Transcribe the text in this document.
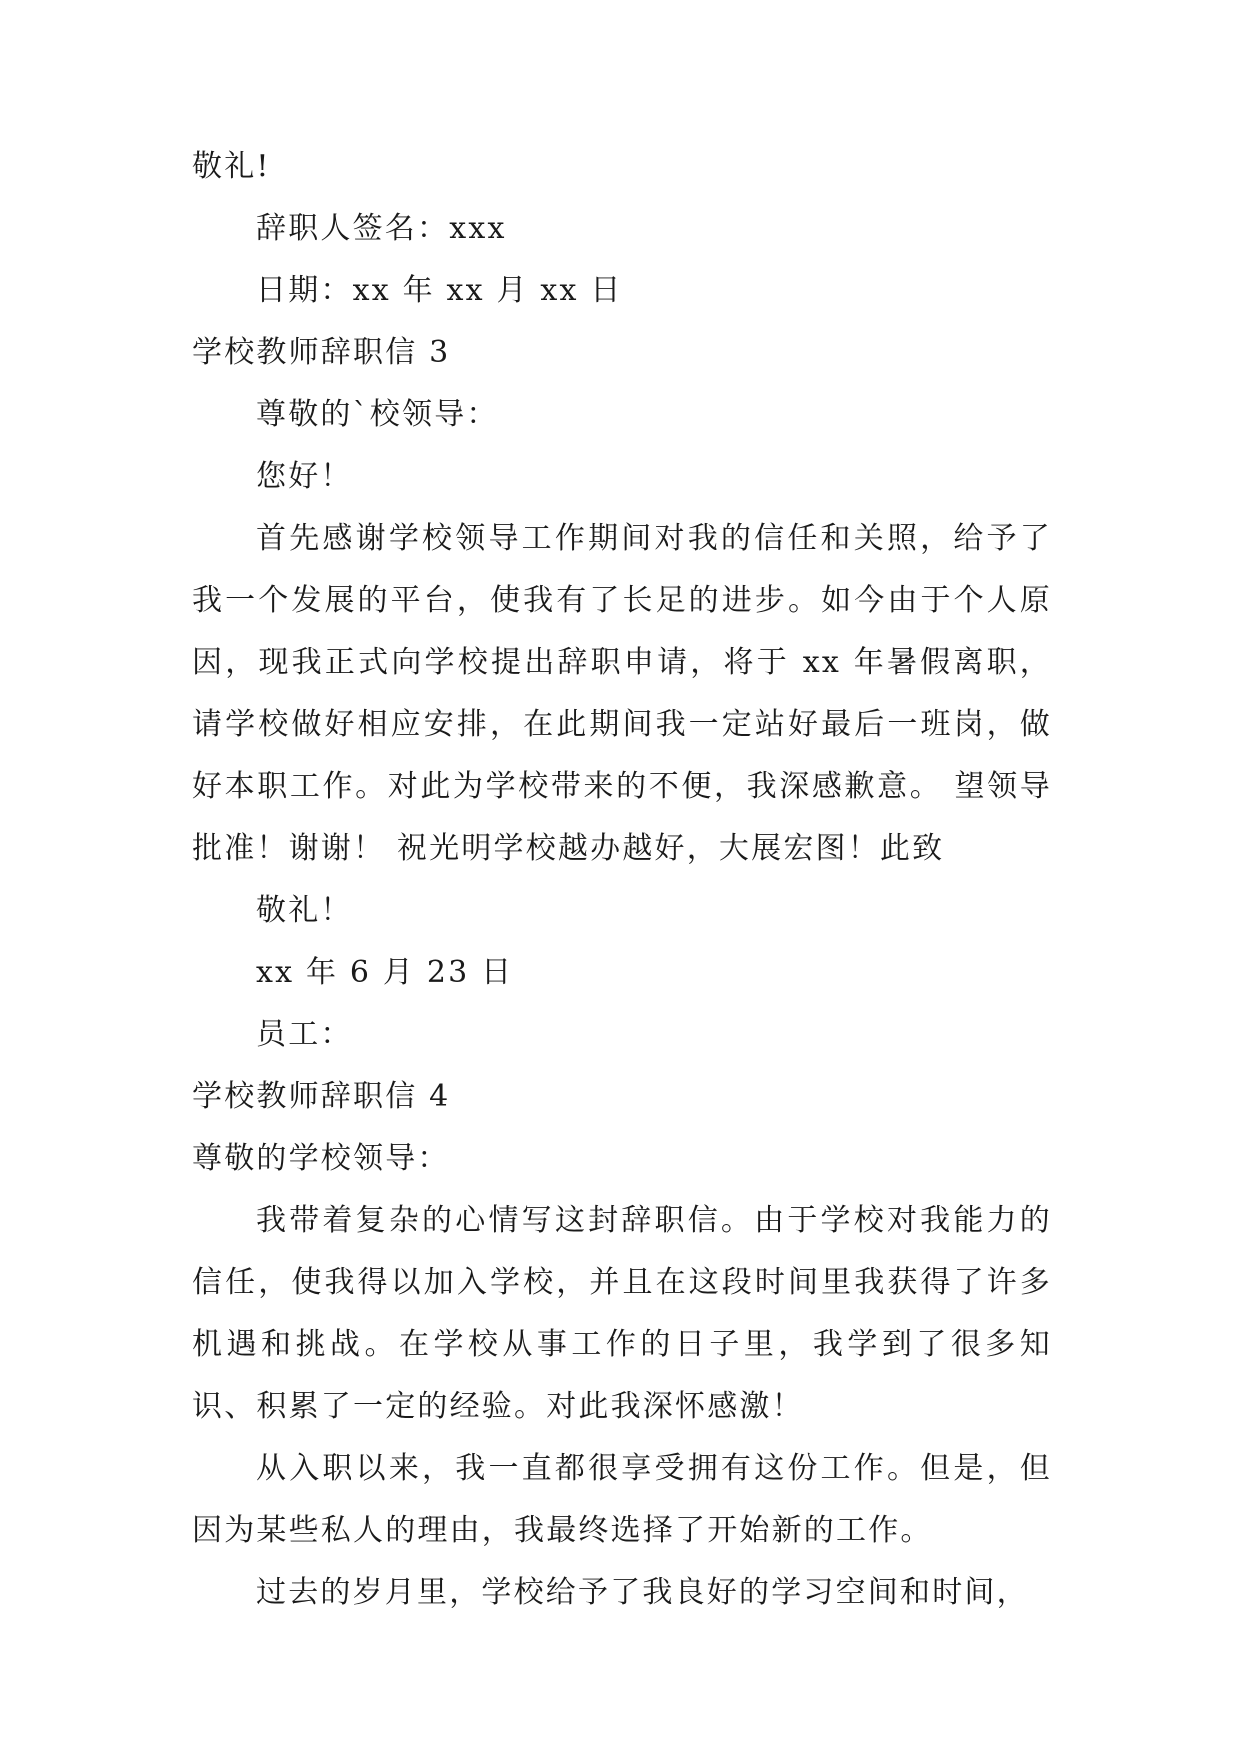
敬礼!
辞职人签名：xxx
日期：xx 年 xx 月 xx 日
学校教师辞职信 3
尊敬的`校领导：
您好！
首先感谢学校领导工作期间对我的信任和关照，给予了我一个发展的平台，使我有了长足的进步。如今由于个人原因，现我正式向学校提出辞职申请，将于 xx 年暑假离职，请学校做好相应安排，在此期间我一定站好最后一班岗，做好本职工作。对此为学校带来的不便，我深感歉意。 望领导批准！谢谢！ 祝光明学校越办越好，大展宏图！此致
敬礼！
xx 年 6 月 23 日
员工：
学校教师辞职信 4
尊敬的学校领导：
我带着复杂的心情写这封辞职信。由于学校对我能力的信任，使我得以加入学校，并且在这段时间里我获得了许多机遇和挑战。在学校从事工作的日子里，我学到了很多知识、积累了一定的经验。对此我深怀感激！
从入职以来，我一直都很享受拥有这份工作。但是，但因为某些私人的理由，我最终选择了开始新的工作。
过去的岁月里，学校给予了我良好的学习空间和时间，
